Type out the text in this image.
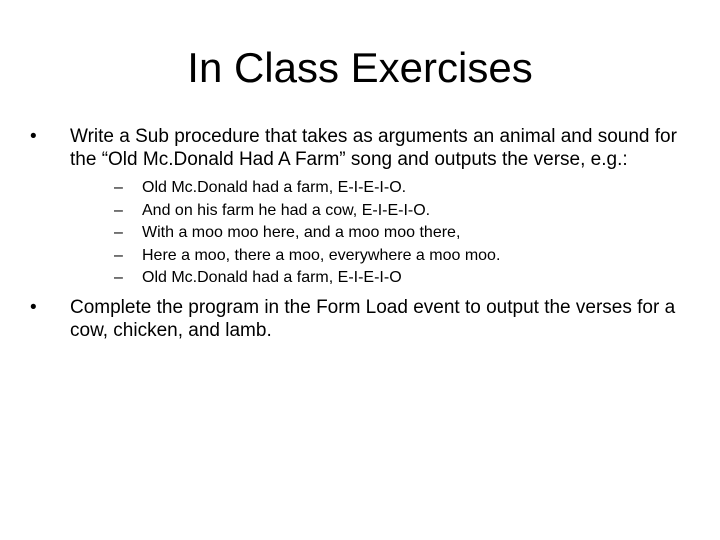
In Class Exercises
•	Write a Sub procedure that takes as arguments an animal and sound for the “Old Mc.Donald Had A Farm” song and outputs the verse, e.g.:
– Old Mc.Donald had a farm, E-I-E-I-O.
– And on his farm he had a cow, E-I-E-I-O.
– With a moo moo here, and a moo moo there,
– Here a moo, there a moo, everywhere a moo moo.
– Old Mc.Donald had a farm, E-I-E-I-O
•	Complete the program in the Form Load event to output the verses for a cow, chicken, and lamb.
